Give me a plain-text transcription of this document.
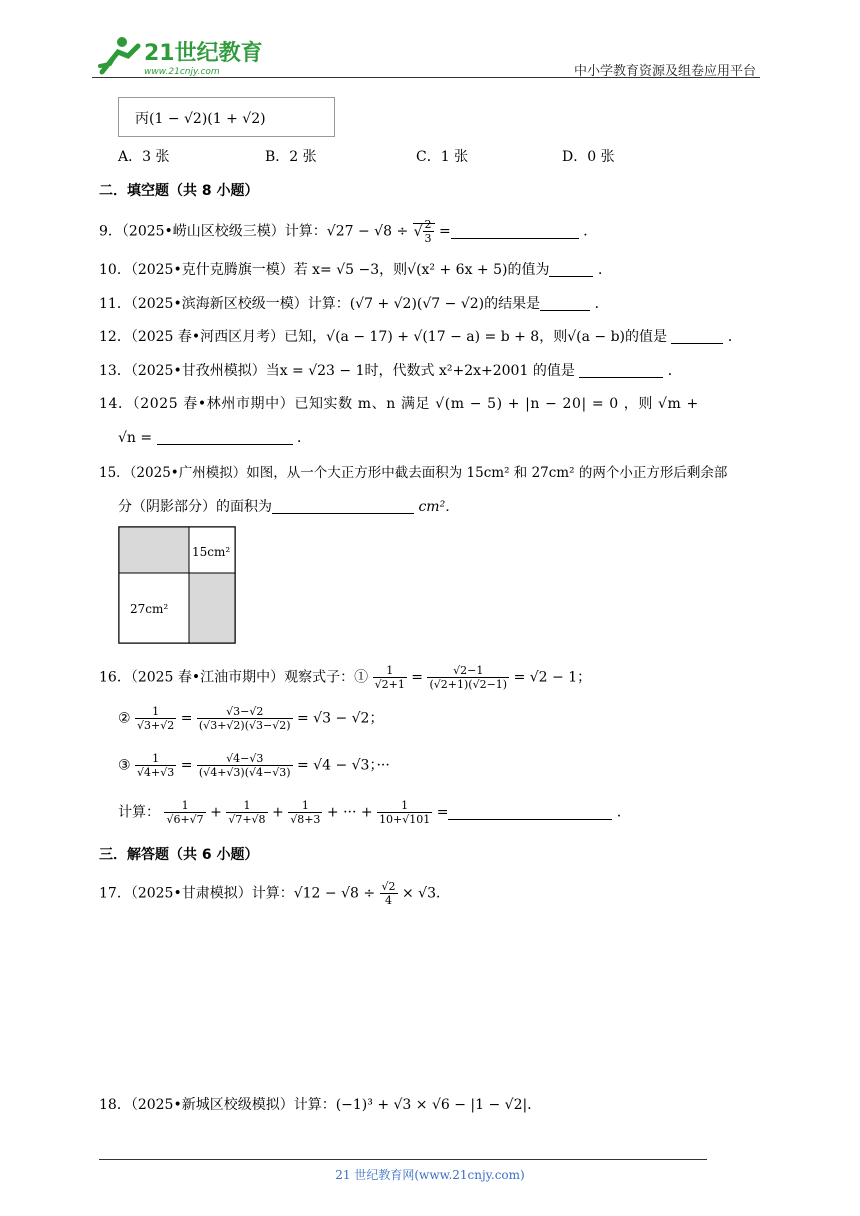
21世纪教育
www.21cnjy.com	中小学教育资源及组卷应用平台
丙(1 − √2)(1 + √2)
A．3 张	B．2 张	C．1 张	D．0 张
二．填空题（共 8 小题）
9．（2025•崂山区校级三模）计算：√27 − √8 ÷ √ $\frac{2}{3}$ =	．
10．（2025•克什克腾旗一模）若 x= √5 −3，则√(x² + 6x + 5)的值为	．
11．（2025•滨海新区校级一模）计算：(√7 + √2)(√7 − √2)的结果是	．
12．（2025 春•河西区月考）已知，√(a − 17) + √(17 − a) = b + 8，则√(a − b)的值是	．
13．（2025•甘孜州模拟）当x = √23 − 1时，代数式 x²+2x+2001 的值是	．
14．（2025 春•林州市期中）已知实数 m、n 满足 √(m − 5) + |n − 20| = 0 ，则 √m +
√n =	．
15．（2025•广州模拟）如图，从一个大正方形中截去面积为 15cm² 和 27cm² 的两个小正方形后剩余部
分（阴影部分）的面积为	cm²．
15cm²
27cm²
16．（2025 春•江油市期中）观察式子：① $\frac{1}{√2+1} = \frac{√2-1}{(√2+1)(√2-1)} = √2 - 1$；
② $\frac{1}{√3+√2} = \frac{√3-√2}{(√3+√2)(√3-√2)} = √3 - √2$；
③ $\frac{1}{√4+√3} = \frac{√4-√3}{(√4+√3)(√4-√3)} = √4 - √3$；···
计算： $\frac{1}{√6+√7} + \frac{1}{√7+√8} + \frac{1}{√8+3}$ + ··· + $\frac{1}{10+√101}$ =	．
三．解答题（共 6 小题）
17．（2025•甘肃模拟）计算：$√12 - √8 \div \frac{√2}{4} \times √3$．
18．（2025•新城区校级模拟）计算：(−1)³ + √3 × √6 − |1 − √2|．
21 世纪教育网(www.21cnjy.com)
